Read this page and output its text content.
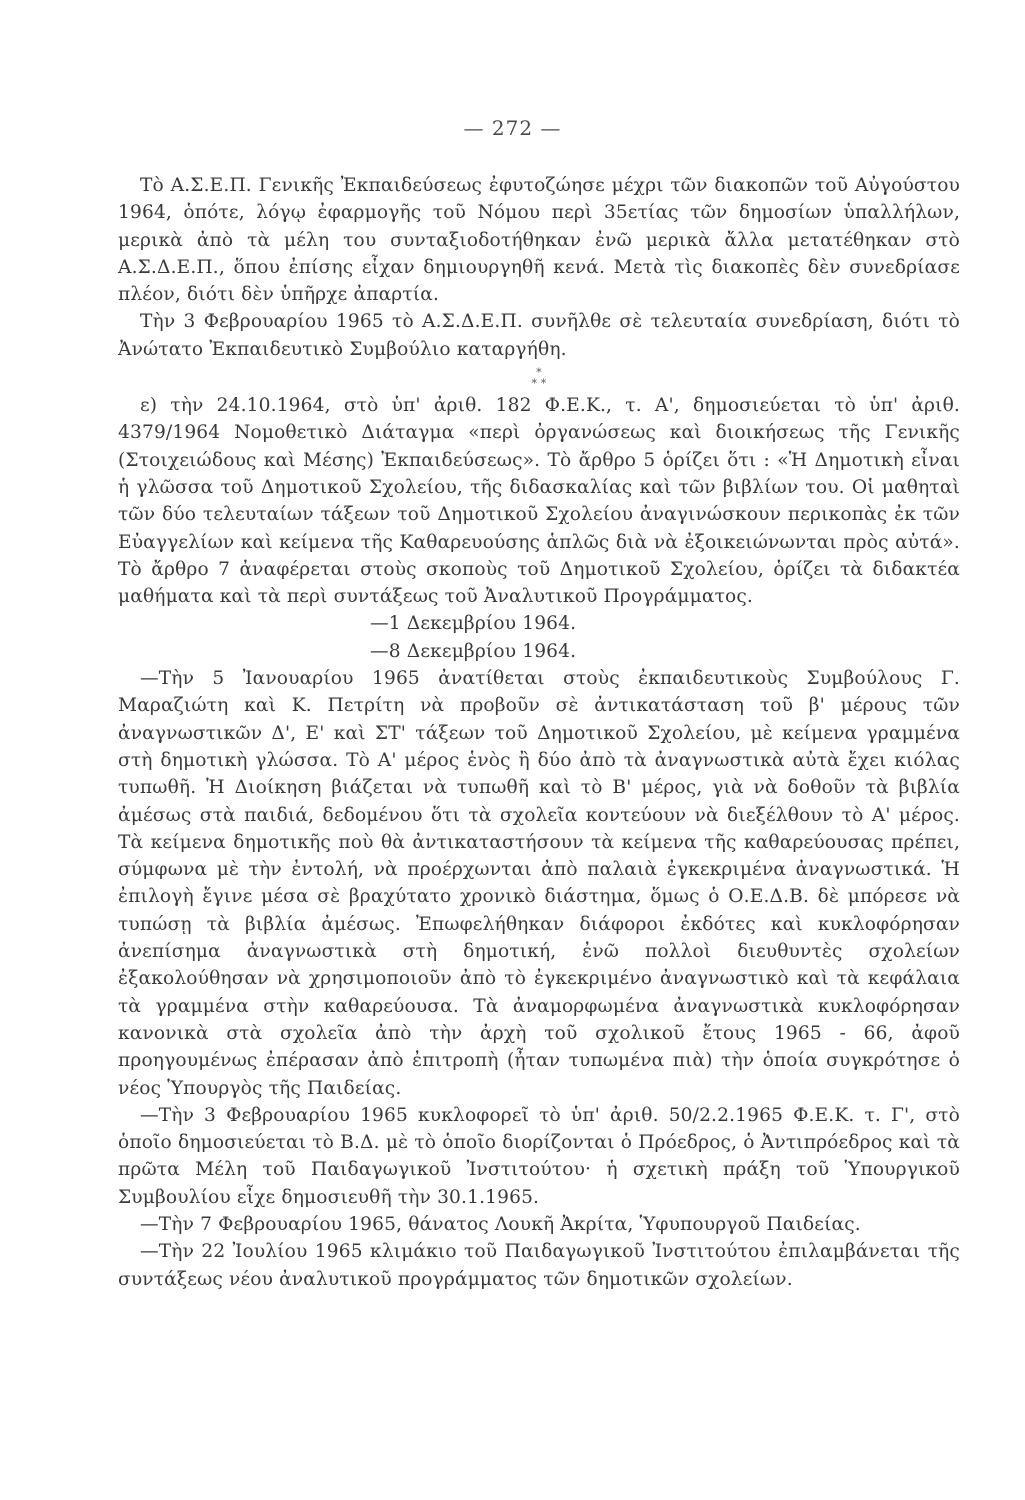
— 272 —

Τὸ Α.Σ.Ε.Π. Γενικῆς Ἐκπαιδεύσεως ἐφυτοζώησε μέχρι τῶν διακοπῶν τοῦ Αὐγούστου 1964, ὁπότε, λόγῳ ἐφαρμογῆς τοῦ Νόμου περὶ 35ετίας τῶν δημοσίων ὑπαλλήλων, μερικὰ ἀπὸ τὰ μέλη του συνταξιοδοτήθηκαν ἐνῶ μερικὰ ἄλλα μετατέθηκαν στὸ Α.Σ.Δ.Ε.Π., ὅπου ἐπίσης εἶχαν δημιουργηθῆ κενά. Μετὰ τὶς διακοπὲς δὲν συνεδρίασε πλέον, διότι δὲν ὑπῆρχε ἀπαρτία.

Τὴν 3 Φεβρουαρίου 1965 τὸ Α.Σ.Δ.Ε.Π. συνῆλθε σὲ τελευταία συνεδρίαση, διότι τὸ Ἀνώτατο Ἐκπαιδευτικὸ Συμβούλιο καταργήθη.

*
* *

ε) τὴν 24.10.1964, στὸ ὑπ' ἀριθ. 182 Φ.Ε.Κ., τ. Α', δημοσιεύεται τὸ ὑπ' ἀριθ. 4379/1964 Νομοθετικὸ Διάταγμα «περὶ ὀργανώσεως καὶ διοικήσεως τῆς Γενικῆς (Στοιχειώδους καὶ Μέσης) Ἐκπαιδεύσεως». Τὸ ἄρθρο 5 ὁρίζει ὅτι : «Ἡ Δημοτικὴ εἶναι ἡ γλῶσσα τοῦ Δημοτικοῦ Σχολείου, τῆς διδασκαλίας καὶ τῶν βιβλίων του. Οἱ μαθηταὶ τῶν δύο τελευταίων τάξεων τοῦ Δημοτικοῦ Σχολείου ἀναγινώσκουν περικοπὰς ἐκ τῶν Εὐαγγελίων καὶ κείμενα τῆς Καθαρευούσης ἁπλῶς διὰ νὰ ἐξοικειώνωνται πρὸς αὐτά». Τὸ ἄρθρο 7 ἀναφέρεται στοὺς σκοποὺς τοῦ Δημοτικοῦ Σχολείου, ὁρίζει τὰ διδακτέα μαθήματα καὶ τὰ περὶ συντάξεως τοῦ Ἀναλυτικοῦ Προγράμματος.

—1 Δεκεμβρίου 1964.

—8 Δεκεμβρίου 1964.

—Τὴν 5 Ἰανουαρίου 1965 ἀνατίθεται στοὺς ἐκπαιδευτικοὺς Συμβούλους Γ. Μαραζιώτη καὶ Κ. Πετρίτη νὰ προβοῦν σὲ ἀντικατάσταση τοῦ β' μέρους τῶν ἀναγνωστικῶν Δ', Ε' καὶ ΣΤ' τάξεων τοῦ Δημοτικοῦ Σχολείου, μὲ κείμενα γραμμένα στὴ δημοτικὴ γλώσσα. Τὸ Α' μέρος ἑνὸς ἢ δύο ἀπὸ τὰ ἀναγνωστικὰ αὐτὰ ἔχει κιόλας τυπωθῆ. Ἡ Διοίκηση βιάζεται νὰ τυπωθῆ καὶ τὸ Β' μέρος, γιὰ νὰ δοθοῦν τὰ βιβλία ἀμέσως στὰ παιδιά, δεδομένου ὅτι τὰ σχολεῖα κοντεύουν νὰ διεξέλθουν τὸ Α' μέρος. Τὰ κείμενα δημοτικῆς ποὺ θὰ ἀντικαταστήσουν τὰ κείμενα τῆς καθαρεύουσας πρέπει, σύμφωνα μὲ τὴν ἐντολή, νὰ προέρχωνται ἀπὸ παλαιὰ ἐγκεκριμένα ἀναγνωστικά. Ἡ ἐπιλογὴ ἔγινε μέσα σὲ βραχύτατο χρονικὸ διάστημα, ὅμως ὁ Ο.Ε.Δ.Β. δὲ μπόρεσε νὰ τυπώσῃ τὰ βιβλία ἀμέσως. Ἐπωφελήθηκαν διάφοροι ἐκδότες καὶ κυκλοφόρησαν ἀνεπίσημα ἀναγνωστικὰ στὴ δημοτική, ἐνῶ πολλοὶ διευθυντὲς σχολείων ἐξακολούθησαν νὰ χρησιμοποιοῦν ἀπὸ τὸ ἐγκεκριμένο ἀναγνωστικὸ καὶ τὰ κεφάλαια τὰ γραμμένα στὴν καθαρεύουσα. Τὰ ἀναμορφωμένα ἀναγνωστικὰ κυκλοφόρησαν κανονικὰ στὰ σχολεῖα ἀπὸ τὴν ἀρχὴ τοῦ σχολικοῦ ἔτους 1965 - 66, ἀφοῦ προηγουμένως ἐπέρασαν ἀπὸ ἐπιτροπὴ (ἦταν τυπωμένα πιὰ) τὴν ὁποία συγκρότησε ὁ νέος Ὑπουργὸς τῆς Παιδείας.

—Τὴν 3 Φεβρουαρίου 1965 κυκλοφορεῖ τὸ ὑπ' ἀριθ. 50/2.2.1965 Φ.Ε.Κ. τ. Γ', στὸ ὁποῖο δημοσιεύεται τὸ Β.Δ. μὲ τὸ ὁποῖο διορίζονται ὁ Πρόεδρος, ὁ Ἀντιπρόεδρος καὶ τὰ πρῶτα Μέλη τοῦ Παιδαγωγικοῦ Ἰνστιτούτου· ἡ σχετικὴ πράξη τοῦ Ὑπουργικοῦ Συμβουλίου εἶχε δημοσιευθῆ τὴν 30.1.1965.

—Τὴν 7 Φεβρουαρίου 1965, θάνατος Λουκῆ Ἀκρίτα, Ὑφυπουργοῦ Παιδείας.

—Τὴν 22 Ἰουλίου 1965 κλιμάκιο τοῦ Παιδαγωγικοῦ Ἰνστιτούτου ἐπιλαμβάνεται τῆς συντάξεως νέου ἀναλυτικοῦ προγράμματος τῶν δημοτικῶν σχολείων.
